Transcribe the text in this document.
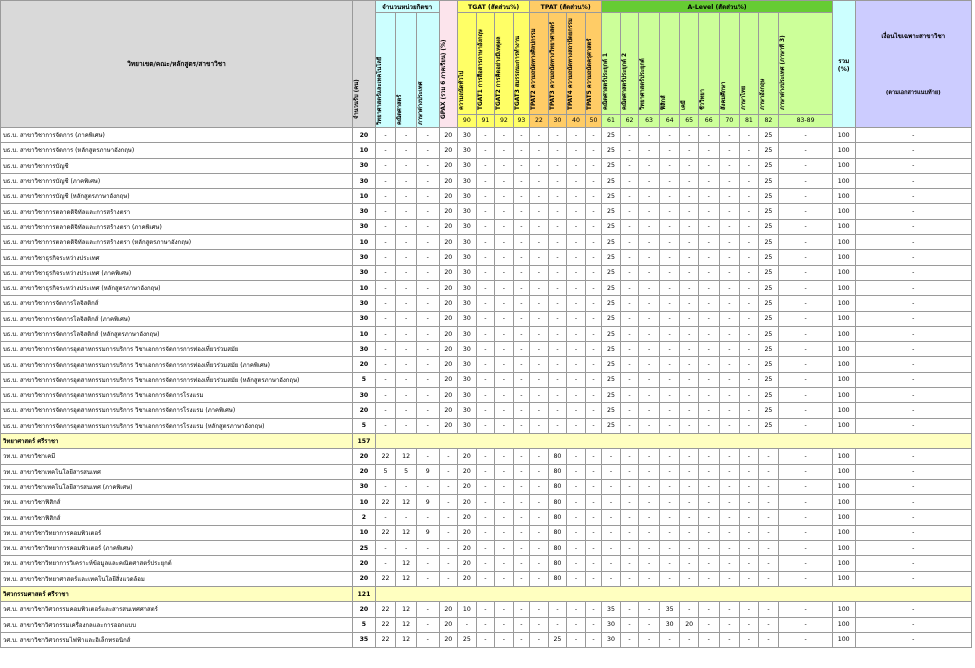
วิทยาเขต/คณะ/หลักสูตร/สาขาวิชา	จำนวนรับ (คน)	จำนวนหน่วยกิตขา			GPAX (รวม 6 ภาคเรียน) (%)	TGAT (สัดส่วน%)				TPAT (สัดส่วน%)				A-Level (สัดส่วน%)										รวม (%)	เงื่อนไขเฉพาะสาขาวิชา
(ตามเอกสารแนบท้าย)

		วิทยาศาสตร์และเทคโนโลยี	คณิตศาสตร์	ภาษาต่างประเทศ		ความถนัดทั่วไป	TGAT1 การสื่อสารภาษาอังกฤษ	TGAT2 การคิดอย่างมีเหตุผล	TGAT3 สมรรถนะการทำงาน	TPAT2 ความถนัดทางศิลปกรรม	TPAT3 ความถนัดทางวิทยาศาสตร์	TPAT4 ความถนัดทางสถาปัตยกรรม	TPAT5 ความถนัดครุศาสตร์	คณิตศาสตร์ประยุกต์ 1	คณิตศาสตร์ประยุกต์ 2	วิทยาศาสตร์ประยุกต์	ฟิสิกส์	เคมี	ชีววิทยา	สังคมศึกษา	ภาษาไทย	ภาษาอังกฤษ	ภาษาต่างประเทศ (ภาษาที่ 3)		

						90	91	92	93	22	30	40	50	61	62	63	64	65	66	70	81	82	83-89		
บธ.บ. สาขาวิชาการจัดการ (ภาคพิเศษ)	20	-	-	-	20	30	-	-	-	-	-	-	-	25	-	-	-	-	-	-	-	25	-	100	-
บธ.บ. สาขาวิชาการจัดการ (หลักสูตรภาษาอังกฤษ)	10	-	-	-	20	30	-	-	-	-	-	-	-	25	-	-	-	-	-	-	-	25	-	100	-
บธ.บ. สาขาวิชาการบัญชี	30	-	-	-	20	30	-	-	-	-	-	-	-	25	-	-	-	-	-	-	-	25	-	100	-
บธ.บ. สาขาวิชาการบัญชี (ภาคพิเศษ)	30	-	-	-	20	30	-	-	-	-	-	-	-	25	-	-	-	-	-	-	-	25	-	100	-
บธ.บ. สาขาวิชาการบัญชี (หลักสูตรภาษาอังกฤษ)	10	-	-	-	20	30	-	-	-	-	-	-	-	25	-	-	-	-	-	-	-	25	-	100	-
บธ.บ. สาขาวิชาการตลาดดิจิทัลและการสร้างตรา	30	-	-	-	20	30	-	-	-	-	-	-	-	25	-	-	-	-	-	-	-	25	-	100	-
บธ.บ. สาขาวิชาการตลาดดิจิทัลและการสร้างตรา (ภาคพิเศษ)	30	-	-	-	20	30	-	-	-	-	-	-	-	25	-	-	-	-	-	-	-	25	-	100	-
บธ.บ. สาขาวิชาการตลาดดิจิทัลและการสร้างตรา (หลักสูตรภาษาอังกฤษ)	10	-	-	-	20	30	-	-	-	-	-	-	-	25	-	-	-	-	-	-	-	25	-	100	-
บธ.บ. สาขาวิชาธุรกิจระหว่างประเทศ	30	-	-	-	20	30	-	-	-	-	-	-	-	25	-	-	-	-	-	-	-	25	-	100	-
บธ.บ. สาขาวิชาธุรกิจระหว่างประเทศ (ภาคพิเศษ)	30	-	-	-	20	30	-	-	-	-	-	-	-	25	-	-	-	-	-	-	-	25	-	100	-
บธ.บ. สาขาวิชาธุรกิจระหว่างประเทศ (หลักสูตรภาษาอังกฤษ)	10	-	-	-	20	30	-	-	-	-	-	-	-	25	-	-	-	-	-	-	-	25	-	100	-
บธ.บ. สาขาวิชาการจัดการโลจิสติกส์	30	-	-	-	20	30	-	-	-	-	-	-	-	25	-	-	-	-	-	-	-	25	-	100	-
บธ.บ. สาขาวิชาการจัดการโลจิสติกส์ (ภาคพิเศษ)	30	-	-	-	20	30	-	-	-	-	-	-	-	25	-	-	-	-	-	-	-	25	-	100	-
บธ.บ. สาขาวิชาการจัดการโลจิสติกส์ (หลักสูตรภาษาอังกฤษ)	10	-	-	-	20	30	-	-	-	-	-	-	-	25	-	-	-	-	-	-	-	25	-	100	-
บธ.บ. สาขาวิชาการจัดการอุตสาหกรรมการบริการ วิชาเอกการจัดการการท่องเที่ยวร่วมสมัย	30	-	-	-	20	30	-	-	-	-	-	-	-	25	-	-	-	-	-	-	-	25	-	100	-
บธ.บ. สาขาวิชาการจัดการอุตสาหกรรมการบริการ วิชาเอกการจัดการการท่องเที่ยวร่วมสมัย (ภาคพิเศษ)	20	-	-	-	20	30	-	-	-	-	-	-	-	25	-	-	-	-	-	-	-	25	-	100	-
บธ.บ. สาขาวิชาการจัดการอุตสาหกรรมการบริการ วิชาเอกการจัดการการท่องเที่ยวร่วมสมัย (หลักสูตรภาษาอังกฤษ)	5	-	-	-	20	30	-	-	-	-	-	-	-	25	-	-	-	-	-	-	-	25	-	100	-
บธ.บ. สาขาวิชาการจัดการอุตสาหกรรมการบริการ วิชาเอกการจัดการโรงแรม	30	-	-	-	20	30	-	-	-	-	-	-	-	25	-	-	-	-	-	-	-	25	-	100	-
บธ.บ. สาขาวิชาการจัดการอุตสาหกรรมการบริการ วิชาเอกการจัดการโรงแรม (ภาคพิเศษ)	20	-	-	-	20	30	-	-	-	-	-	-	-	25	-	-	-	-	-	-	-	25	-	100	-
บธ.บ. สาขาวิชาการจัดการอุตสาหกรรมการบริการ วิชาเอกการจัดการโรงแรม (หลักสูตรภาษาอังกฤษ)	5	-	-	-	20	30	-	-	-	-	-	-	-	25	-	-	-	-	-	-	-	25	-	100	-
วิทยาศาสตร์ ศรีราชา	157																								
วท.บ. สาขาวิชาเคมี	20	22	12	-	-	20	-	-	-	-	80	-	-	-	-	-	-	-	-	-	-	-	-	100	-
วท.บ. สาขาวิชาเทคโนโลยีสารสนเทศ	20	5	5	9	-	20	-	-	-	-	80	-	-	-	-	-	-	-	-	-	-	-	-	100	-
วท.บ. สาขาวิชาเทคโนโลยีสารสนเทศ (ภาคพิเศษ)	30	-	-	-	-	20	-	-	-	-	80	-	-	-	-	-	-	-	-	-	-	-	-	100	-
วท.บ. สาขาวิชาฟิสิกส์	10	22	12	9	-	20	-	-	-	-	80	-	-	-	-	-	-	-	-	-	-	-	-	100	-
วท.บ. สาขาวิชาฟิสิกส์	2	-	-	-	-	20	-	-	-	-	80	-	-	-	-	-	-	-	-	-	-	-	-	100	-
วท.บ. สาขาวิชาวิทยาการคอมพิวเตอร์	10	22	12	9	-	20	-	-	-	-	80	-	-	-	-	-	-	-	-	-	-	-	-	100	-
วท.บ. สาขาวิชาวิทยาการคอมพิวเตอร์ (ภาคพิเศษ)	25	-	-	-	-	20	-	-	-	-	80	-	-	-	-	-	-	-	-	-	-	-	-	100	-
วท.บ. สาขาวิชาวิทยาการวิเคราะห์ข้อมูลและคณิตศาสตร์ประยุกต์	20	-	12	-	-	20	-	-	-	-	80	-	-	-	-	-	-	-	-	-	-	-	-	100	-
วท.บ. สาขาวิชาวิทยาศาสตร์และเทคโนโลยีสิ่งแวดล้อม	20	22	12	-	-	20	-	-	-	-	80	-	-	-	-	-	-	-	-	-	-	-	-	100	-
วิศวกรรมศาสตร์ ศรีราชา	121																								
วศ.บ. สาขาวิชาวิศวกรรมคอมพิวเตอร์และสารสนเทศศาสตร์	20	22	12	-	20	10	-	-	-	-	-	-	-	35	-	-	35	-	-	-	-	-	-	100	-
วศ.บ. สาขาวิชาวิศวกรรมเครื่องกลและการออกแบบ	5	22	12	-	20	-	-	-	-	-	-	-	-	30	-	-	30	20	-	-	-	-	-	100	-
วศ.บ. สาขาวิชาวิศวกรรมไฟฟ้าและอิเล็กทรอนิกส์	35	22	12	-	20	25	-	-	-	-	25	-	-	30	-	-	-	-	-	-	-	-	-	100	-
